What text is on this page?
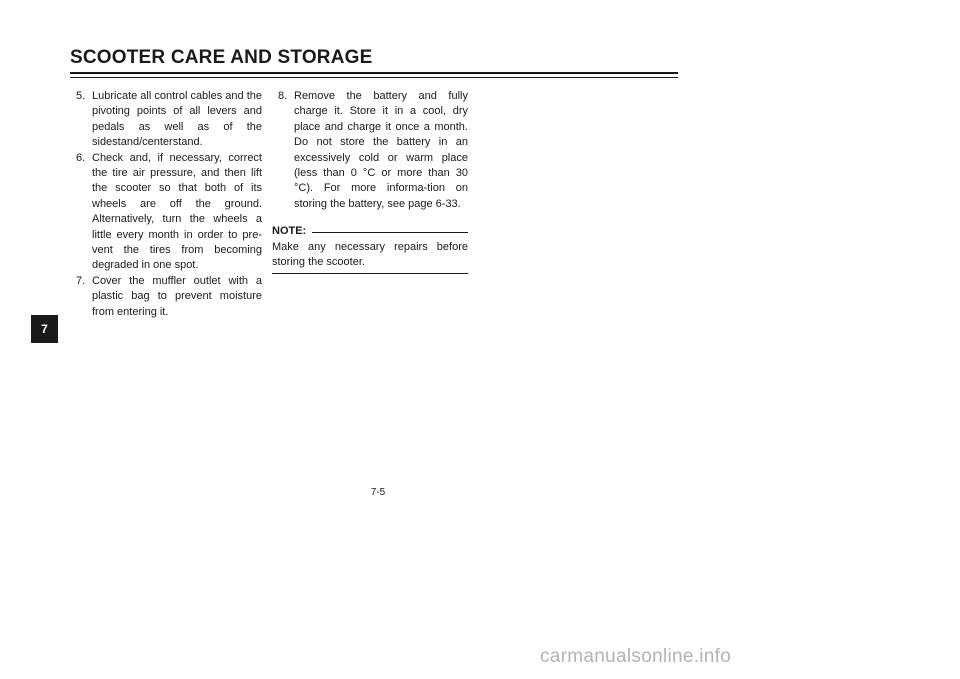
SCOOTER CARE AND STORAGE
7
5. Lubricate all control cables and the pivoting points of all levers and pedals as well as of the sidestand/centerstand.
6. Check and, if necessary, correct the tire air pressure, and then lift the scooter so that both of its wheels are off the ground. Alternatively, turn the wheels a little every month in order to pre-vent the tires from becoming degraded in one spot.
7. Cover the muffler outlet with a plastic bag to prevent moisture from entering it.
8. Remove the battery and fully charge it. Store it in a cool, dry place and charge it once a month. Do not store the battery in an excessively cold or warm place (less than 0 °C or more than 30 °C). For more informa-tion on storing the battery, see page 6-33.
NOTE:

Make any necessary repairs before storing the scooter.

7-5
carmanualsonline.info
